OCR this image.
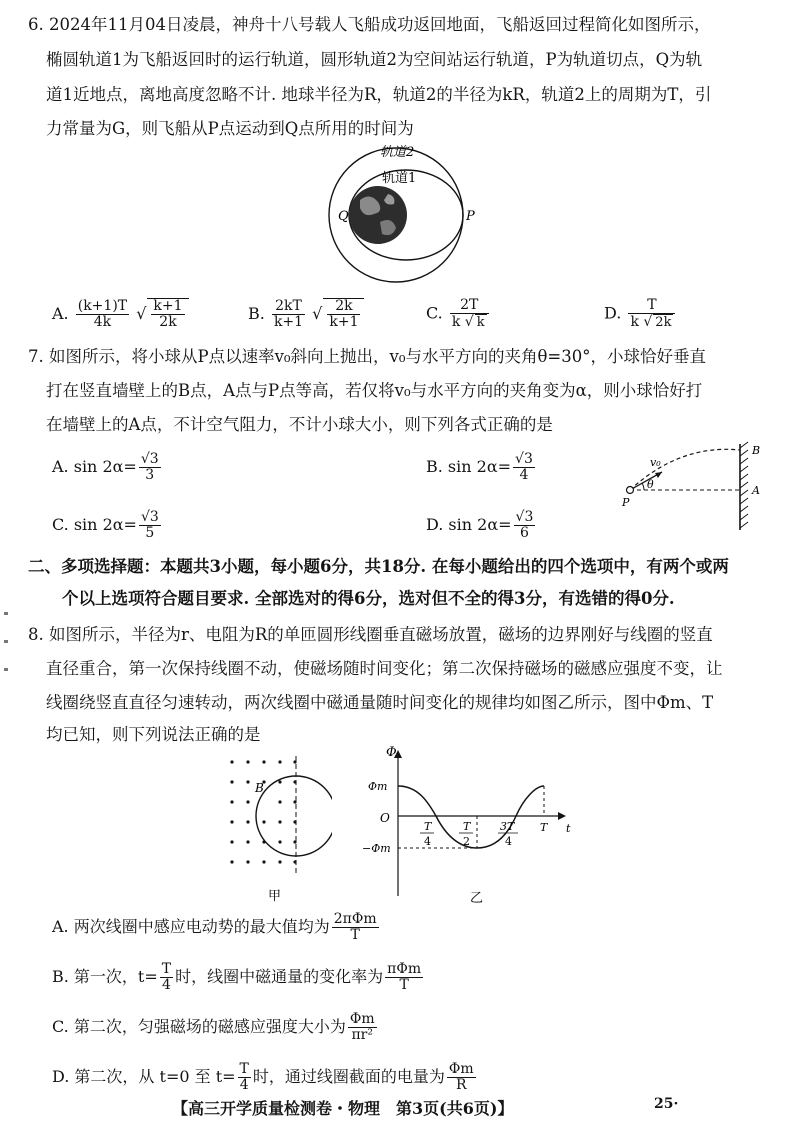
6. 2024年11月04日凌晨，神舟十八号载人飞船成功返回地面，飞船返回过程简化如图所示，
椭圆轨道1为飞船返回时的运行轨道，圆形轨道2为空间站运行轨道，P为轨道切点，Q为轨
道1近地点，离地高度忽略不计. 地球半径为R，轨道2的半径为kR，轨道2上的周期为T，引
力常量为G，则飞船从P点运动到Q点所用的时间为
轨道2
轨道1
Q	P
A. $\frac{(k+1)T}{4k}$ √ $\frac{k+1}{2k}$	B. $\frac{2kT}{k+1}$ √ $\frac{2k}{k+1}$	C. $\frac{2T}{k √ k}$	D. $\frac{T}{k √ 2k}$
7. 如图所示，将小球从P点以速率v₀斜向上抛出，v₀与水平方向的夹角θ=30°，小球恰好垂直
打在竖直墙壁上的B点，A点与P点等高，若仅将v₀与水平方向的夹角变为α，则小球恰好打
在墙壁上的A点，不计空气阻力，不计小球大小，则下列各式正确的是
A. $\sin 2\alpha= \frac{√3}{3}$	B. $\sin 2\alpha= \frac{√3}{4}$
C. $\sin 2\alpha= \frac{√3}{5}$	D. $\sin 2\alpha= \frac{√3}{6}$
v₀
θ
P
A
B
二、多项选择题：本题共3小题，每小题6分，共18分. 在每小题给出的四个选项中，有两个或两
个以上选项符合题目要求. 全部选对的得6分，选对但不全的得3分，有选错的得0分.
8. 如图所示，半径为r、电阻为R的单匝圆形线圈垂直磁场放置，磁场的边界刚好与线圈的竖直
直径重合，第一次保持线圈不动，使磁场随时间变化；第二次保持磁场的磁感应强度不变，让
线圈绕竖直直径匀速转动，两次线圈中磁通量随时间变化的规律均如图乙所示，图中Φm、T
均已知，则下列说法正确的是
B
甲
Φ
Φm
−Φm
O
t
T
T
4
T
2
3T
4
乙
A. 两次线圈中感应电动势的最大值均为 $\frac{\text{2πΦm}}{T}$
B. 第一次，$t= \frac{T}{4}$ 时，线圈中磁通量的变化率为 $\frac{\text{πΦm}}{T}$
C. 第二次，匀强磁场的磁感应强度大小为 $\frac{\Phi m}{\text{πr²}}$
D. 第二次，从 t=0 至 $t= \frac{T}{4}$ 时，通过线圈截面的电量为 $\frac{\Phi m}{R}$
【高三开学质量检测卷・物理　第3页(共6页)】	25·
